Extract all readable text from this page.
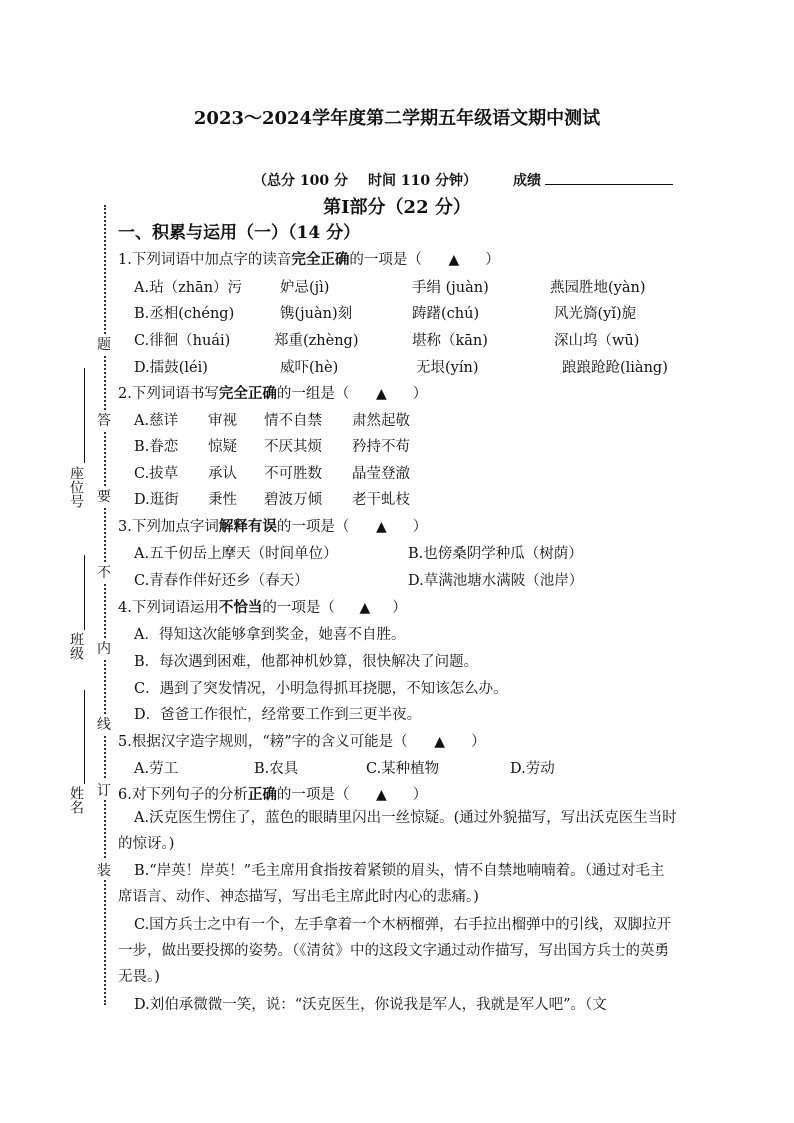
2023～2024学年度第二学期五年级语文期中测试
（总分 100 分 时间 110 分钟）	成绩
第Ⅰ部分（22 分）
一、积累与运用（一）（14 分）
题
答
要
不
内
线
订
装
座位号
班级
姓名
1.下列词语中加点字的读音完全正确的一项是（ ▲ ）
A.玷（zhān）污	妒忌(jì)	手绢 (juàn)	燕园胜地(yàn)
B.丞相(chéng)	镌(juàn)刻	踌躇(chú)	风光旖(yǐ)旎
C.徘徊（huái)	郑重(zhèng)	堪称（kān)	深山坞（wū)
D.擂鼓(léi)	威吓(hè)	无垠(yín)	踉踉跄跄(liàng)
2.下列词语书写完全正确的一组是（ ▲ ）
A.慈详 审视 情不自禁 肃然起敬
B.眷恋 惊疑 不厌其烦 矜持不苟
C.拔草 承认 不可胜数 晶莹登澈
D.逛街 秉性 碧波万倾 老干虬枝
3.下列加点字词解释有误的一项是（ ▲ ）
A.五千仞岳上摩天（时间单位）	B.也傍桑阴学种瓜（树荫）
C.青春作伴好还乡（春天）	D.草满池塘水满陂（池岸）
4.下列词语运用不恰当的一项是（ ▲ ）
A．得知这次能够拿到奖金，她喜不自胜。
B．每次遇到困难，他都神机妙算，很快解决了问题。
C．遇到了突发情况，小明急得抓耳挠腮，不知该怎么办。
D．爸爸工作很忙，经常要工作到三更半夜。
5.根据汉字造字规则，“耪”字的含义可能是（ ▲ ）
A.劳工	B.农具	C.某种植物	D.劳动
6.对下列句子的分析正确的一项是（ ▲ ）
A.沃克医生愣住了，蓝色的眼睛里闪出一丝惊疑。(通过外貌描写，写出沃克医生当时的惊讶。)
B.“岸英！岸英！”毛主席用食指按着紧锁的眉头，情不自禁地喃喃着。（通过对毛主席语言、动作、神态描写，写出毛主席此时内心的悲痛。)
C.国方兵士之中有一个，左手拿着一个木柄榴弹，右手拉出榴弹中的引线，双脚拉开一步，做出要投掷的姿势。（《清贫》中的这段文字通过动作描写，写出国方兵士的英勇无畏。)
D.刘伯承微微一笑，说：“沃克医生，你说我是军人，我就是军人吧”。（文
